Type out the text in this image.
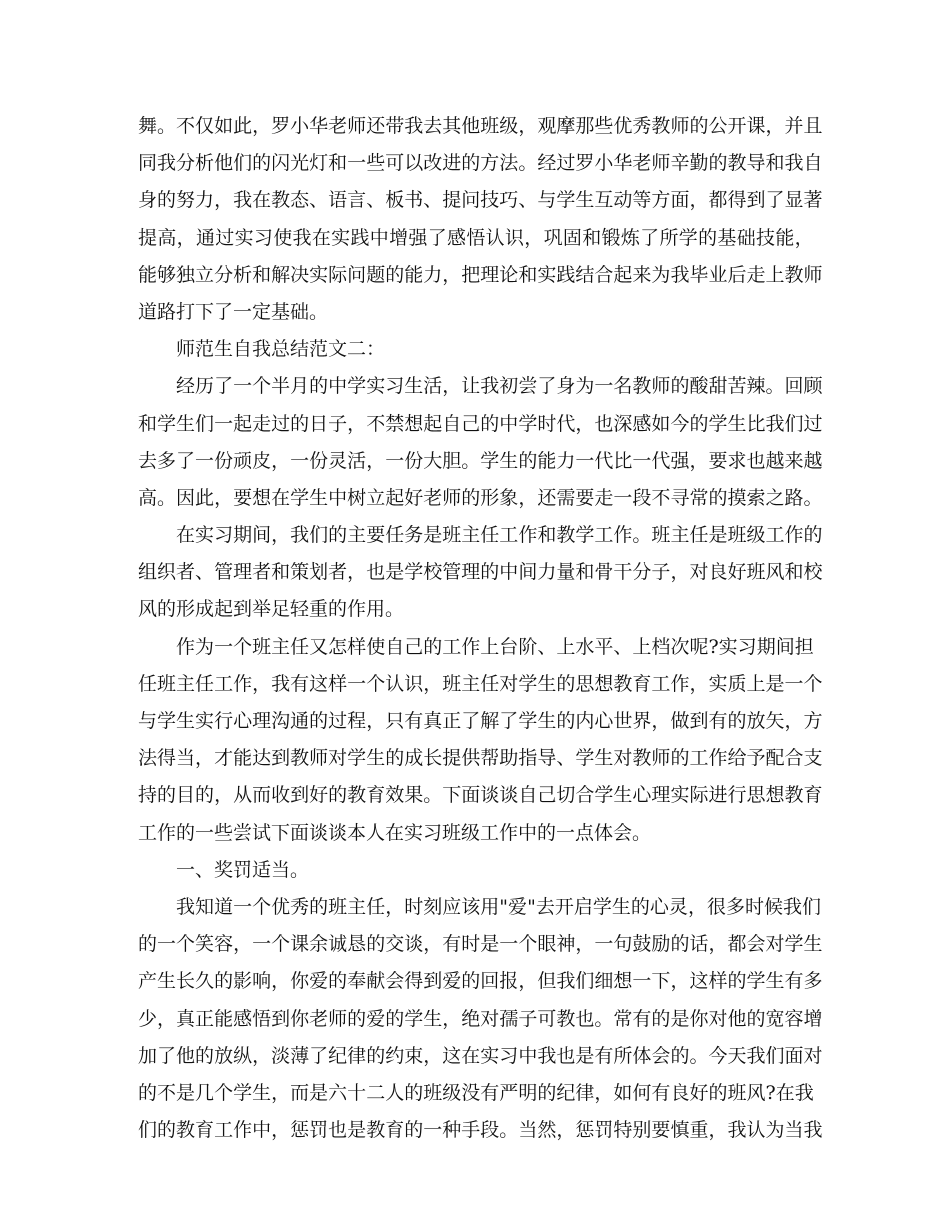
舞 。 不 仅 如 此 ， 罗 小 华 老 师 还 带 我 去 其 他 班 级 ， 观 摩 那 些 优 秀 教 师 的 公 开 课 ， 并 且
同 我 分 析 他 们 的 闪 光 灯 和 一 些 可 以 改 进 的 方 法 。 经 过 罗 小 华 老 师 辛 勤 的 教 导 和 我 自
身 的 努 力 ， 我 在 教 态 、 语 言 、 板 书 、 提 问 技 巧 、 与 学 生 互 动 等 方 面 ， 都 得 到 了 显 著
提 高 ， 通 过 实 习 使 我 在 实 践 中 增 强 了 感 悟 认 识 ， 巩 固 和 锻 炼 了 所 学 的 基 础 技 能 ，
能 够 独 立 分 析 和 解 决 实 际 问 题 的 能 力 ， 把 理 论 和 实 践 结 合 起 来 为 我 毕 业 后 走 上 教 师
道路打下了一定基础。
　　师范生自我总结范文二：

经 历 了 一 个 半 月 的 中 学 实 习 生 活 ， 让 我 初 尝 了 身 为 一 名 教 师 的 酸 甜 苦 辣 。 回 顾
和 学 生 们 一 起 走 过 的 日 子 ， 不 禁 想 起 自 己 的 中 学 时 代 ， 也 深 感 如 今 的 学 生 比 我 们 过
去 多 了 一 份 顽 皮 ， 一 份 灵 活 ， 一 份 大 胆 。 学 生 的 能 力 一 代 比 一 代 强 ， 要 求 也 越 来 越
高 。 因 此 ， 要 想 在 学 生 中 树 立 起 好 老 师 的 形 象 ， 还 需 要 走 一 段 不 寻 常 的 摸 索 之 路 。

在 实 习 期 间 ， 我 们 的 主 要 任 务 是 班 主 任 工 作 和 教 学 工 作 。 班 主 任 是 班 级 工 作 的
组 织 者 、 管 理 者 和 策 划 者 ， 也 是 学 校 管 理 的 中 间 力 量 和 骨 干 分 子 ， 对 良 好 班 风 和 校
风的形成起到举足轻重的作用。

作 为 一 个 班 主 任 又 怎 样 使 自 己 的 工 作 上 台 阶 、 上 水 平 、 上 档 次 呢 ? 实 习 期 间 担
任 班 主 任 工 作 ， 我 有 这 样 一 个 认 识 ， 班 主 任 对 学 生 的 思 想 教 育 工 作 ， 实 质 上 是 一 个
与 学 生 实 行 心 理 沟 通 的 过 程 ， 只 有 真 正 了 解 了 学 生 的 内 心 世 界 ， 做 到 有 的 放 矢 ， 方
法 得 当 ， 才 能 达 到 教 师 对 学 生 的 成 长 提 供 帮 助 指 导 、 学 生 对 教 师 的 工 作 给 予 配 合 支
持 的 目 的 ， 从 而 收 到 好 的 教 育 效 果 。 下 面 谈 谈 自 己 切 合 学 生 心 理 实 际 进 行 思 想 教 育
工作的一些尝试下面谈谈本人在实习班级工作中的一点体会。
　　一、奖罚适当。

我 知 道 一 个 优 秀 的 班 主 任 ， 时 刻 应 该 用 " 爱 " 去 开 启 学 生 的 心 灵 ， 很 多 时 候 我 们
的 一 个 笑 容 ， 一 个 课 余 诚 恳 的 交 谈 ， 有 时 是 一 个 眼 神 ， 一 句 鼓 励 的 话 ， 都 会 对 学 生
产 生 长 久 的 影 响 ， 你 爱 的 奉 献 会 得 到 爱 的 回 报 ， 但 我 们 细 想 一 下 ， 这 样 的 学 生 有 多
少 ， 真 正 能 感 悟 到 你 老 师 的 爱 的 学 生 ， 绝 对 孺 子 可 教 也 。 常 有 的 是 你 对 他 的 宽 容 增
加 了 他 的 放 纵 ， 淡 薄 了 纪 律 的 约 束 ， 这 在 实 习 中 我 也 是 有 所 体 会 的 。 今 天 我 们 面 对
的 不 是 几 个 学 生 ， 而 是 六 十 二 人 的 班 级 没 有 严 明 的 纪 律 ， 如 何 有 良 好 的 班 风 ? 在 我
们 的 教 育 工 作 中 ， 惩 罚 也 是 教 育 的 一 种 手 段 。 当 然 ， 惩 罚 特 别 要 慎 重 ， 我 认 为 当 我
